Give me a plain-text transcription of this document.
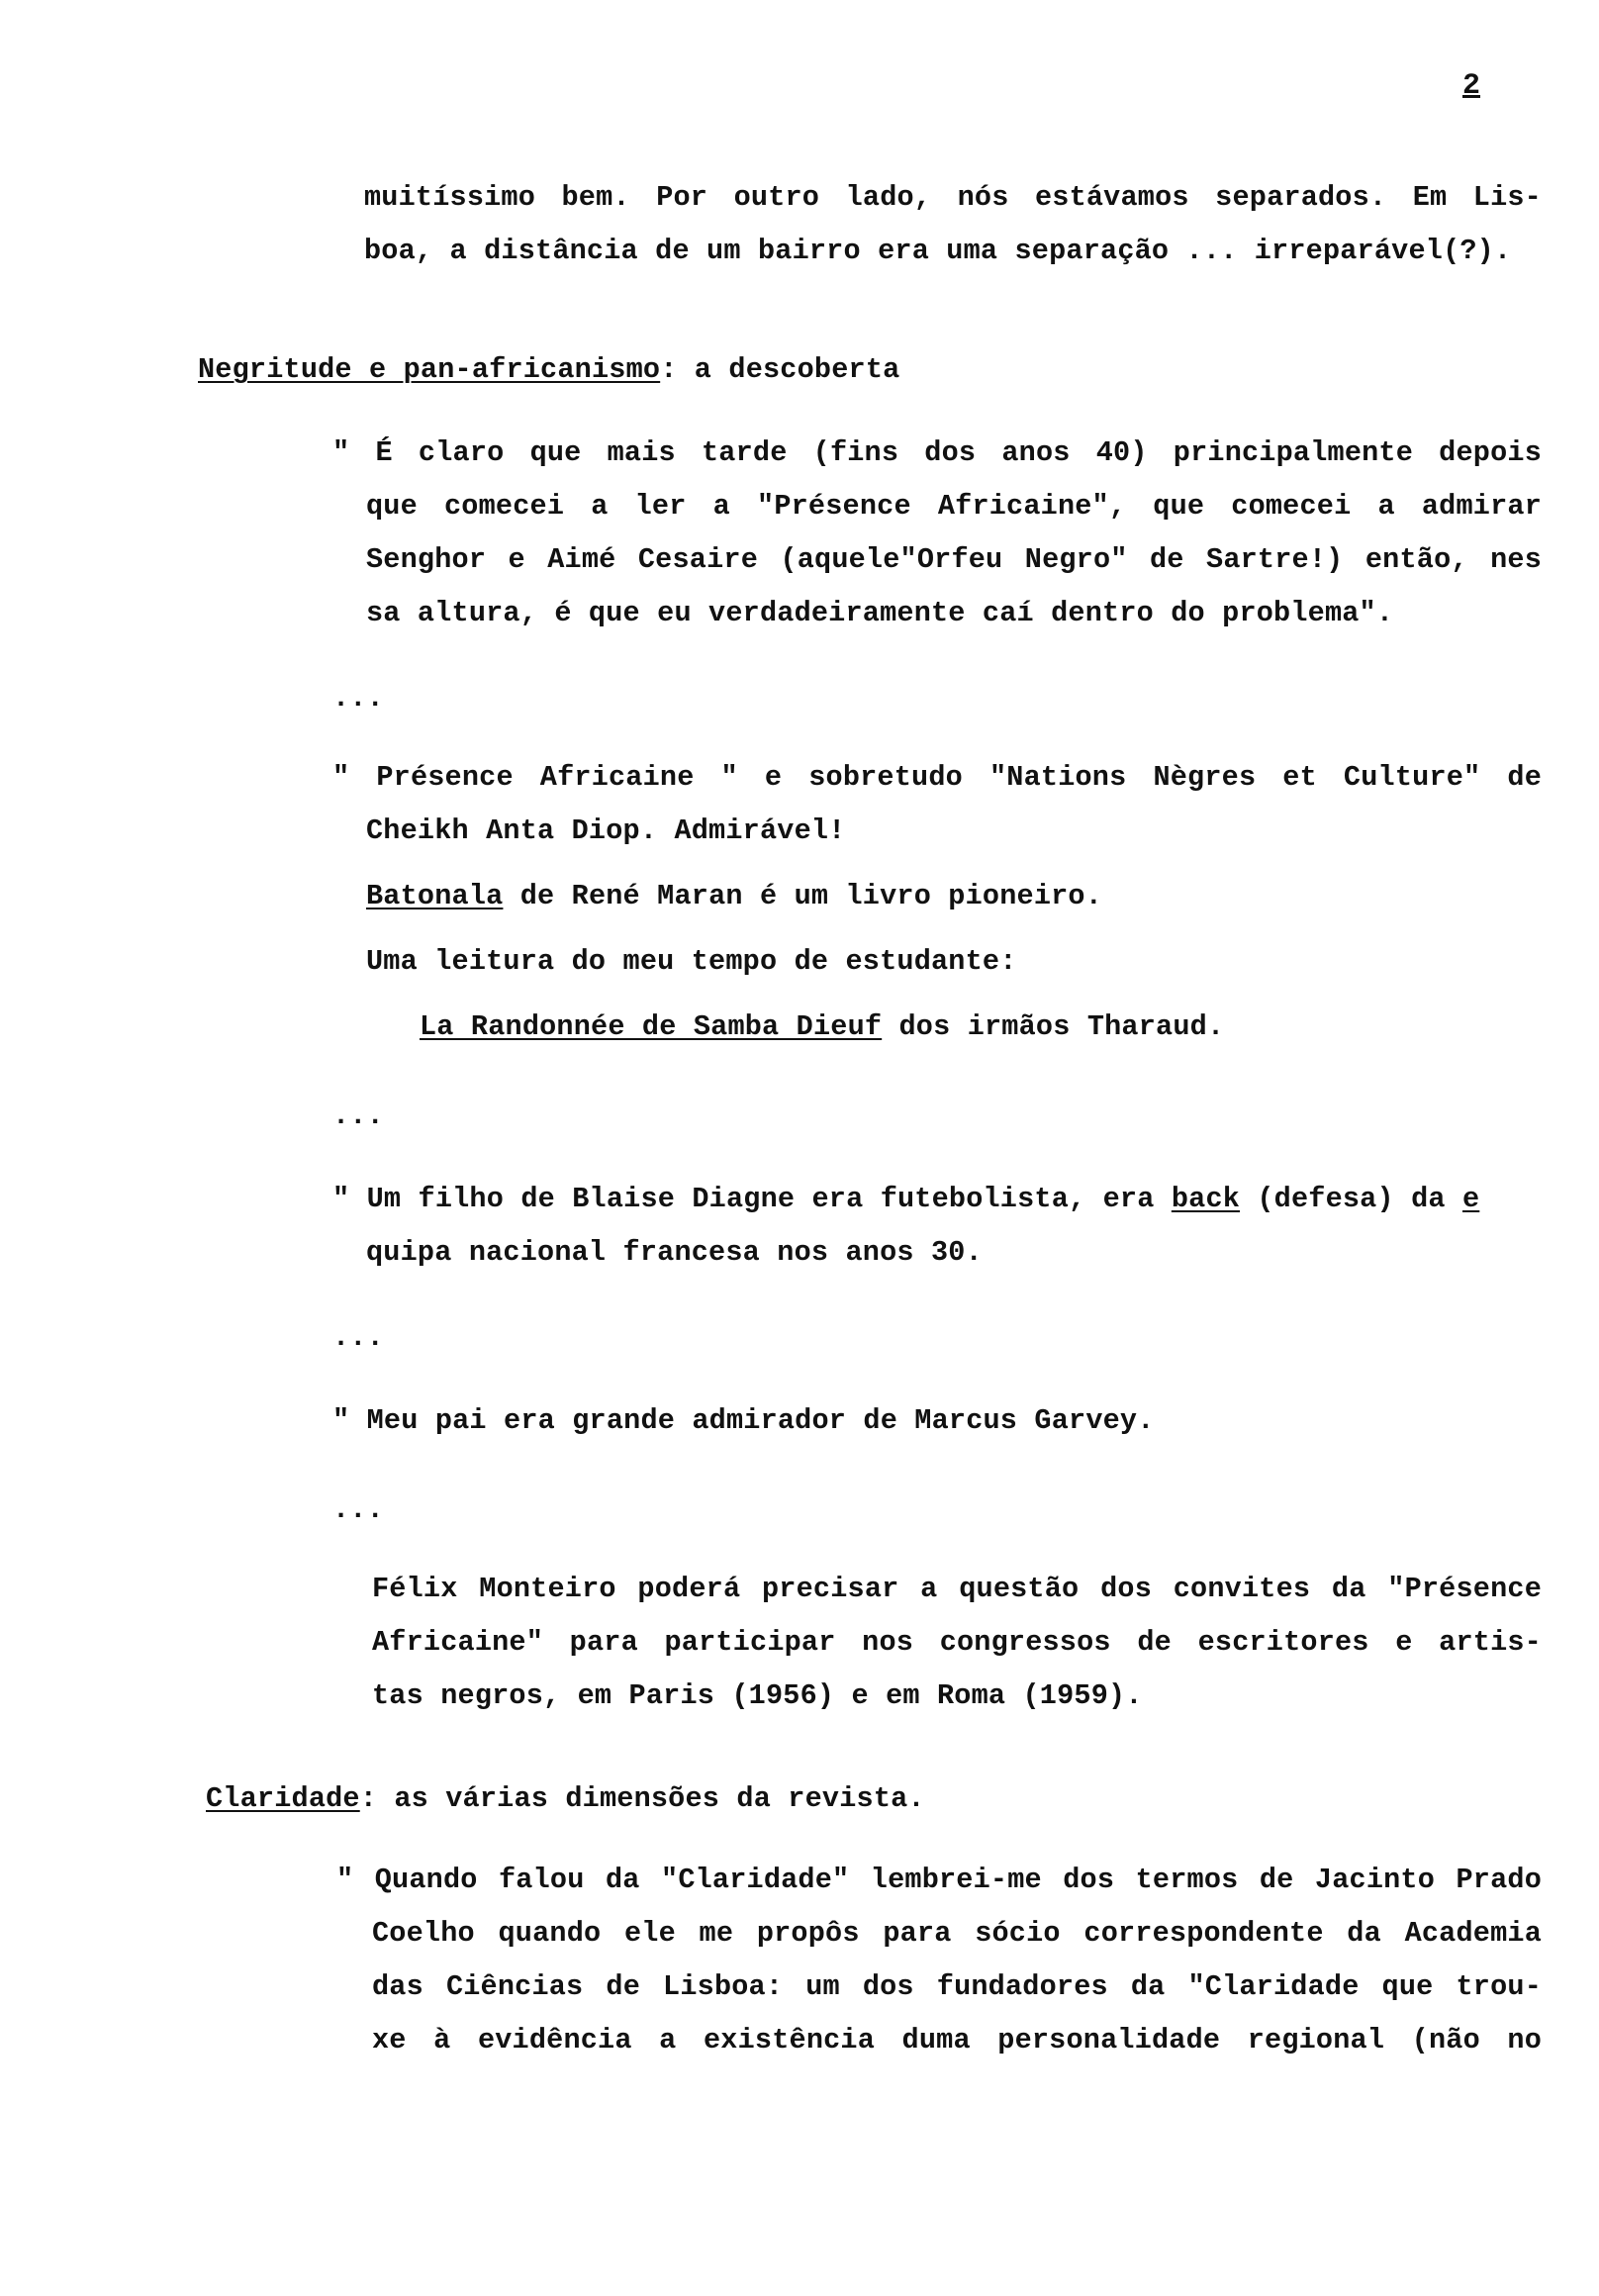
2
muitíssimo bem. Por outro lado, nós estávamos separados. Em Lis-
boa, a distância de um bairro era uma separação ... irreparável(?).
Negritude e pan-africanismo: a descoberta
" É claro que mais tarde (fins dos anos 40) principalmente depois
que comecei a ler a "Présence Africaine", que comecei a admirar
Senghor e Aimé Cesaire (aquele"Orfeu Negro" de Sartre!) então, nes
sa altura, é que eu verdadeiramente caí dentro do problema".
...
" Présence Africaine " e sobretudo "Nations Nègres et Culture" de
Cheikh Anta Diop. Admirável!
Batonala de René Maran é um livro pioneiro.
Uma leitura do meu tempo de estudante:
La Randonnée de Samba Dieuf dos irmãos Tharaud.
...
" Um filho de Blaise Diagne era futebolista, era back (defesa) da e
quipa nacional francesa nos anos 30.
...
" Meu pai era grande admirador de Marcus Garvey.
...
Félix Monteiro poderá precisar a questão dos convites da "Présence
Africaine" para participar nos congressos de escritores e artis-
tas negros, em Paris (1956) e em Roma (1959).
Claridade: as várias dimensões da revista.
" Quando falou da "Claridade" lembrei-me dos termos de Jacinto Prado
Coelho quando ele me propôs para sócio correspondente da Academia
das Ciências de Lisboa: um dos fundadores da "Claridade que trou-
xe à evidência a existência duma personalidade regional (não no
